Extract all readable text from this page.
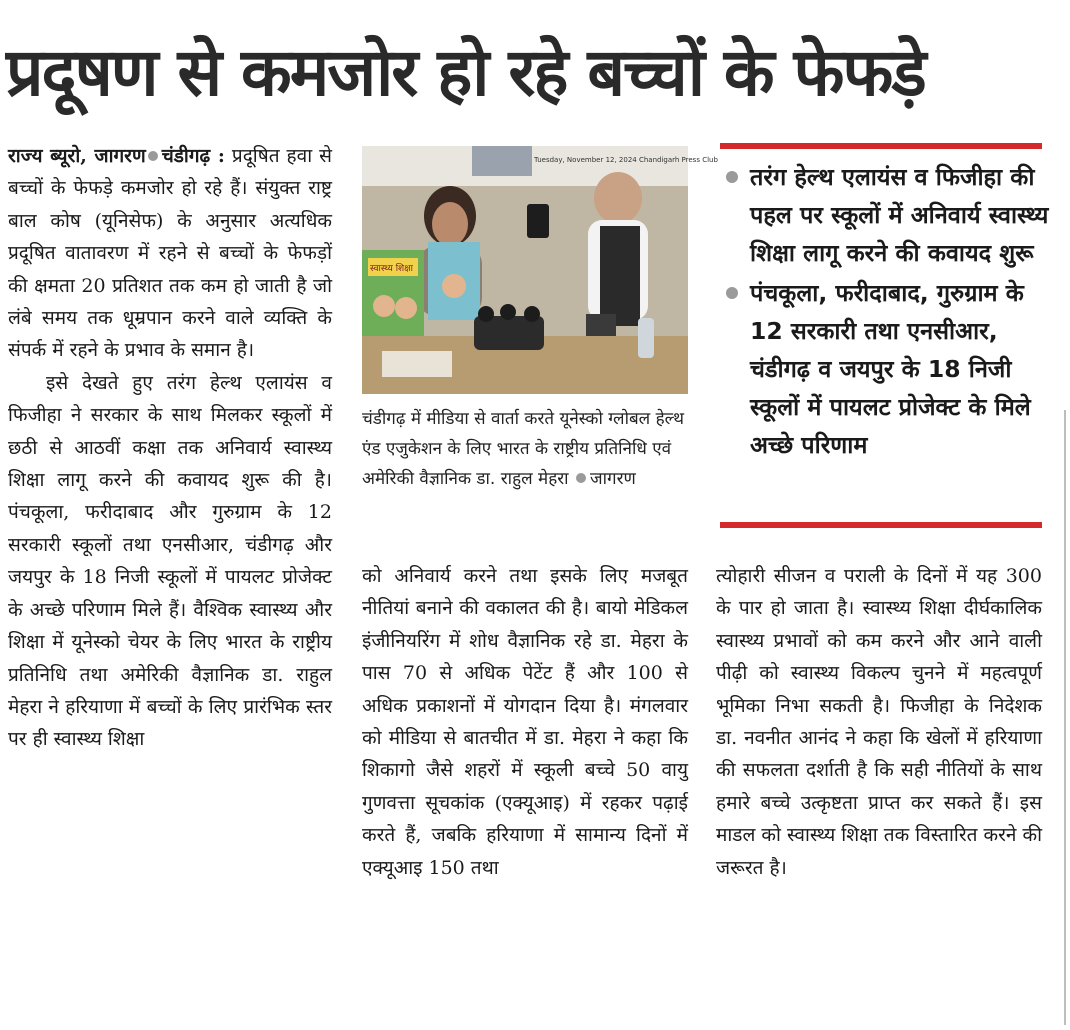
प्रदूषण से कमजोर हो रहे बच्चों के फेफड़े

राज्य ब्यूरो, जागरण चंडीगढ़ : प्रदूषित हवा से बच्चों के फेफड़े कमजोर हो रहे हैं। संयुक्त राष्ट्र बाल कोष (यूनिसेफ) के अनुसार अत्यधिक प्रदूषित वातावरण में रहने से बच्चों के फेफड़ों की क्षमता 20 प्रतिशत तक कम हो जाती है जो लंबे समय तक धूम्रपान करने वाले व्यक्ति के संपर्क में रहने के प्रभाव के समान है।

इसे देखते हुए तरंग हेल्थ एलायंस व फिजीहा ने सरकार के साथ मिलकर स्कूलों में छठी से आठवीं कक्षा तक अनिवार्य स्वास्थ्य शिक्षा लागू करने की कवायद शुरू की है। पंचकूला, फरीदाबाद और गुरुग्राम के 12 सरकारी स्कूलों तथा एनसीआर, चंडीगढ़ और जयपुर के 18 निजी स्कूलों में पायलट प्रोजेक्ट के अच्छे परिणाम मिले हैं। वैश्विक स्वास्थ्य और शिक्षा में यूनेस्को चेयर के लिए भारत के राष्ट्रीय प्रतिनिधि तथा अमेरिकी वैज्ञानिक डा. राहुल मेहरा ने हरियाणा में बच्चों के लिए प्रारंभिक स्तर पर ही स्वास्थ्य शिक्षा

Tuesday, November 12, 2024 Chandigarh Press Club
स्वास्थ्य शिक्षा
चंडीगढ़ में मीडिया से वार्ता करते यूनेस्को ग्लोबल हेल्थ एंड एजुकेशन के लिए भारत के राष्ट्रीय प्रतिनिधि एवं अमेरिकी वैज्ञानिक डा. राहुल मेहरा जागरण
तरंग हेल्थ एलायंस व फिजीहा की पहल पर स्कूलों में अनिवार्य स्वास्थ्य शिक्षा लागू करने की कवायद शुरू
पंचकूला, फरीदाबाद, गुरुग्राम के 12 सरकारी तथा एनसीआर, चंडीगढ़ व जयपुर के 18 निजी स्कूलों में पायलट प्रोजेक्ट के मिले अच्छे परिणाम

को अनिवार्य करने तथा इसके लिए मजबूत नीतियां बनाने की वकालत की है। बायो मेडिकल इंजीनियरिंग में शोध वैज्ञानिक रहे डा. मेहरा के पास 70 से अधिक पेटेंट हैं और 100 से अधिक प्रकाशनों में योगदान दिया है। मंगलवार को मीडिया से बातचीत में डा. मेहरा ने कहा कि शिकागो जैसे शहरों में स्कूली बच्चे 50 वायु गुणवत्ता सूचकांक (एक्यूआइ) में रहकर पढ़ाई करते हैं, जबकि हरियाणा में सामान्य दिनों में एक्यूआइ 150 तथा

त्योहारी सीजन व पराली के दिनों में यह 300 के पार हो जाता है। स्वास्थ्य शिक्षा दीर्घकालिक स्वास्थ्य प्रभावों को कम करने और आने वाली पीढ़ी को स्वास्थ्य विकल्प चुनने में महत्वपूर्ण भूमिका निभा सकती है। फिजीहा के निदेशक डा. नवनीत आनंद ने कहा कि खेलों में हरियाणा की सफलता दर्शाती है कि सही नीतियों के साथ हमारे बच्चे उत्कृष्टता प्राप्त कर सकते हैं। इस माडल को स्वास्थ्य शिक्षा तक विस्तारित करने की जरूरत है।
